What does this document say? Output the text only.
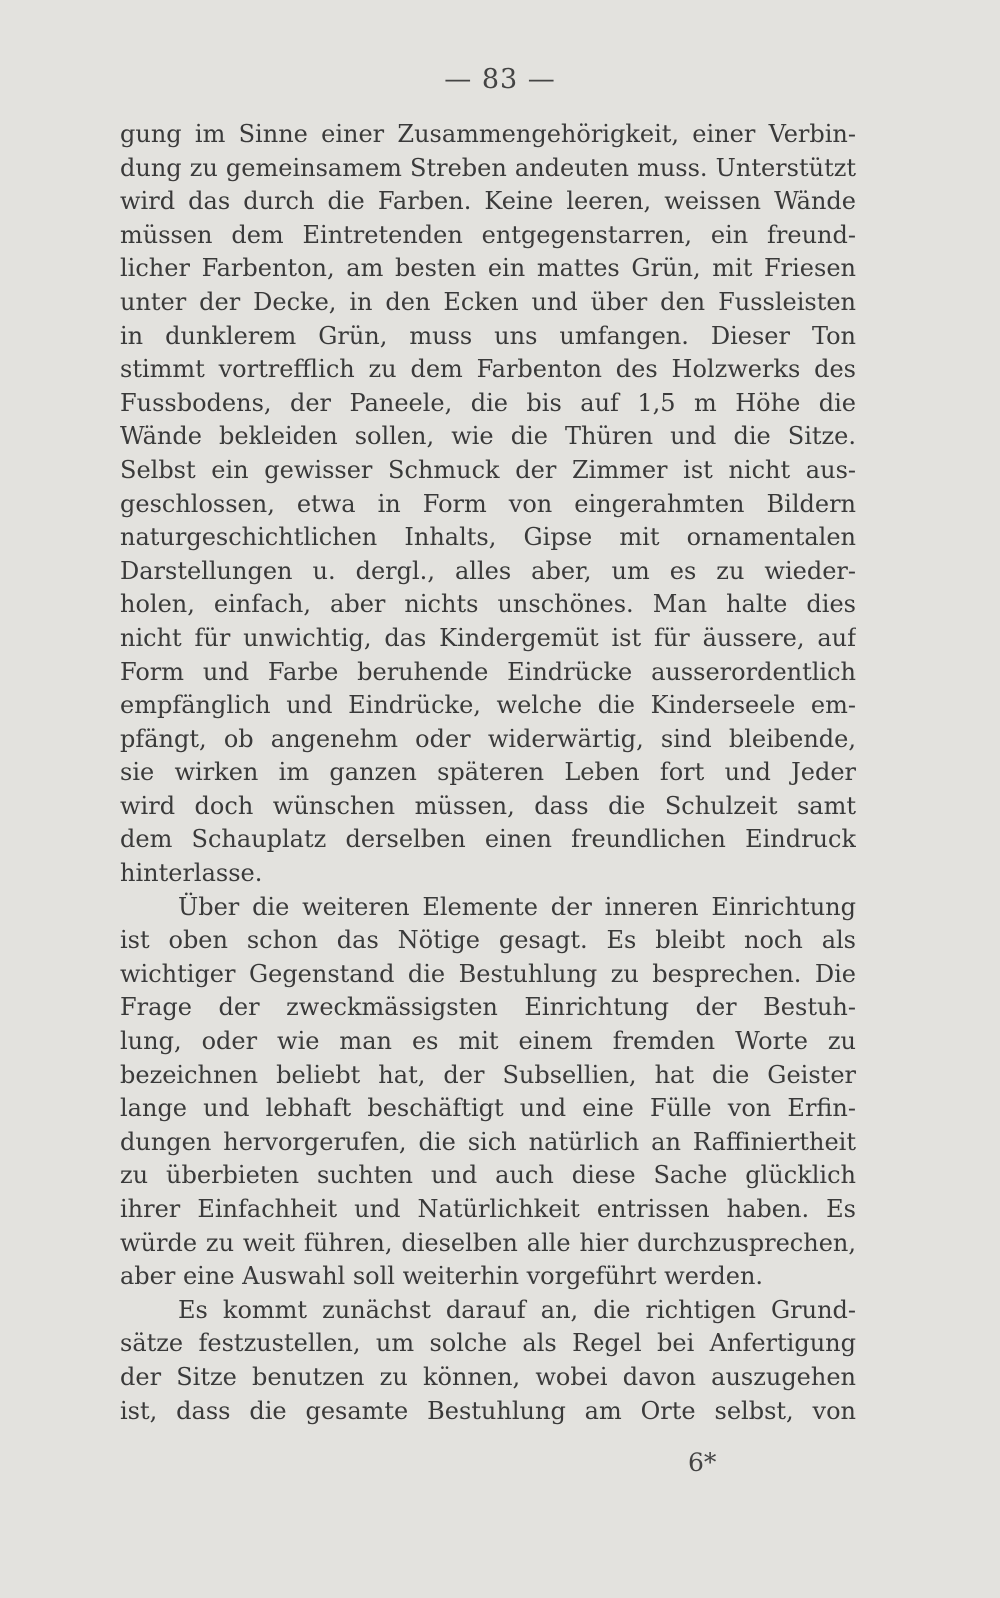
— 83 —
gung im Sinne einer Zusammengehörigkeit, einer Verbin-
dung zu gemeinsamem Streben andeuten muss. Unterstützt
wird das durch die Farben. Keine leeren, weissen Wände
müssen dem Eintretenden entgegenstarren, ein freund-
licher Farbenton, am besten ein mattes Grün, mit Friesen
unter der Decke, in den Ecken und über den Fussleisten
in dunklerem Grün, muss uns umfangen. Dieser Ton
stimmt vortrefflich zu dem Farbenton des Holzwerks des
Fussbodens, der Paneele, die bis auf 1,5 m Höhe die
Wände bekleiden sollen, wie die Thüren und die Sitze.
Selbst ein gewisser Schmuck der Zimmer ist nicht aus-
geschlossen, etwa in Form von eingerahmten Bildern
naturgeschichtlichen Inhalts, Gipse mit ornamentalen
Darstellungen u. dergl., alles aber, um es zu wieder-
holen, einfach, aber nichts unschönes. Man halte dies
nicht für unwichtig, das Kindergemüt ist für äussere, auf
Form und Farbe beruhende Eindrücke ausserordentlich
empfänglich und Eindrücke, welche die Kinderseele em-
pfängt, ob angenehm oder widerwärtig, sind bleibende,
sie wirken im ganzen späteren Leben fort und Jeder
wird doch wünschen müssen, dass die Schulzeit samt
dem Schauplatz derselben einen freundlichen Eindruck
hinterlasse.
Über die weiteren Elemente der inneren Einrichtung
ist oben schon das Nötige gesagt. Es bleibt noch als
wichtiger Gegenstand die Bestuhlung zu besprechen. Die
Frage der zweckmässigsten Einrichtung der Bestuh-
lung, oder wie man es mit einem fremden Worte zu
bezeichnen beliebt hat, der Subsellien, hat die Geister
lange und lebhaft beschäftigt und eine Fülle von Erfin-
dungen hervorgerufen, die sich natürlich an Raffiniertheit
zu überbieten suchten und auch diese Sache glücklich
ihrer Einfachheit und Natürlichkeit entrissen haben. Es
würde zu weit führen, dieselben alle hier durchzusprechen,
aber eine Auswahl soll weiterhin vorgeführt werden.
Es kommt zunächst darauf an, die richtigen Grund-
sätze festzustellen, um solche als Regel bei Anfertigung
der Sitze benutzen zu können, wobei davon auszugehen
ist, dass die gesamte Bestuhlung am Orte selbst, von
6*
